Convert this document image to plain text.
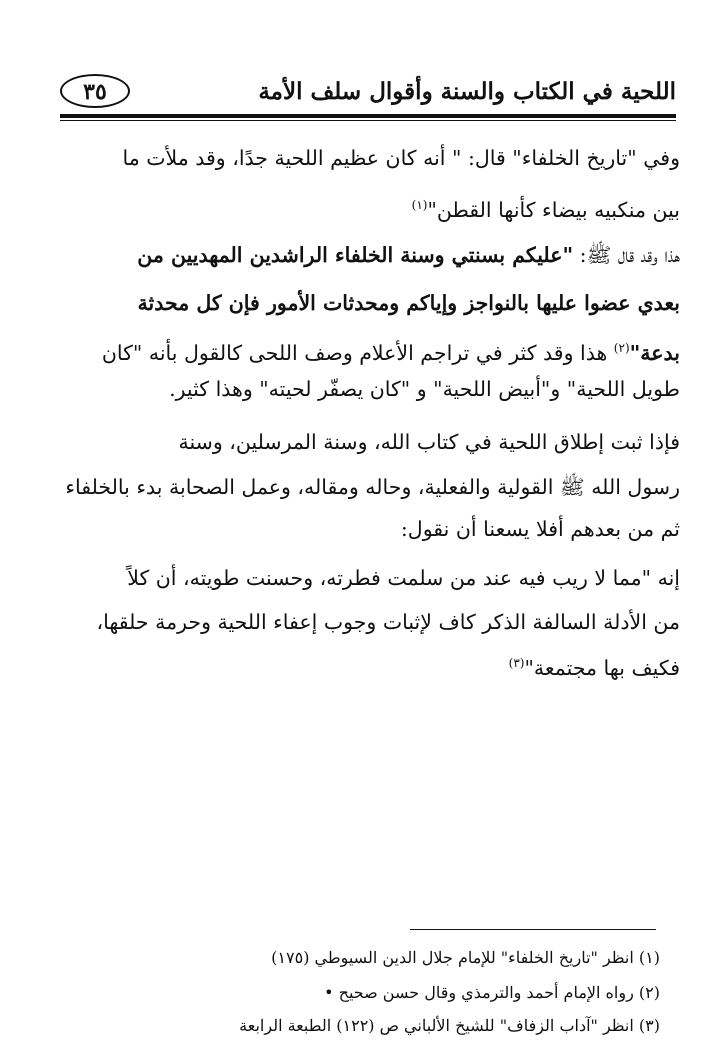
اللحية في الكتاب والسنة وأقوال سلف الأمة
٣٥
وفي "تاريخ الخلفاء" قال: " أنه كان عظيم اللحية جدًا، وقد ملأت ما
بين منكبيه بيضاء كأنها القطن"$^{(١)}$
هذا وقد قال ﷺ: "عليكم بسنتي وسنة الخلفاء الراشدين المهديين من
بعدي عضوا عليها بالنواجز وإياكم ومحدثات الأمور فإن كل محدثة
بدعة"$^{(٢)}$ هذا وقد كثر في تراجم الأعلام وصف اللحى كالقول بأنه "كان
طويل اللحية" و"أبيض اللحية" و "كان يصفّر لحيته" وهذا كثير.
فإذا ثبت إطلاق اللحية في كتاب الله، وسنة المرسلين، وسنة
رسول الله ﷺ القولية والفعلية، وحاله ومقاله، وعمل الصحابة بدء بالخلفاء
ثم من بعدهم أفلا يسعنا أن نقول:
إنه "مما لا ريب فيه عند من سلمت فطرته، وحسنت طويته، أن كلاً
من الأدلة السالفة الذكر كاف لإثبات وجوب إعفاء اللحية وحرمة حلقها،
فكيف بها مجتمعة"$^{(٣)}$
(١) انظر "تاريخ الخلفاء" للإمام جلال الدين السيوطي (١٧٥)
(٢) رواه الإمام أحمد والترمذي وقال حسن صحيح •
(٣) انظر "آداب الزفاف" للشيخ الألباني ص (١٢٢) الطبعة الرابعة
